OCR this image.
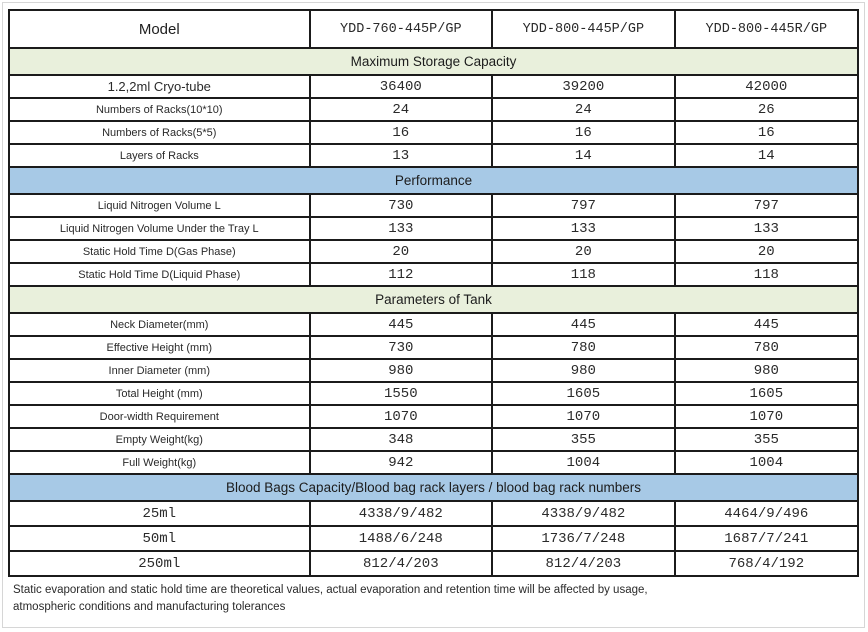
Model	YDD-760-445P/GP	YDD-800-445P/GP	YDD-800-445R/GP
Maximum Storage Capacity			
1.2,2ml Cryo-tube	36400	39200	42000
Numbers of Racks(10*10)	24	24	26
Numbers of Racks(5*5)	16	16	16
Layers of Racks	13	14	14
Performance			
Liquid Nitrogen Volume L	730	797	797
Liquid Nitrogen Volume Under the Tray L	133	133	133
Static Hold Time D(Gas Phase)	20	20	20
Static Hold Time D(Liquid Phase)	112	118	118
Parameters of Tank			
Neck Diameter(mm)	445	445	445
Effective Height (mm)	730	780	780
Inner Diameter (mm)	980	980	980
Total Height (mm)	1550	1605	1605
Door-width Requirement	1070	1070	1070
Empty Weight(kg)	348	355	355
Full Weight(kg)	942	1004	1004
Blood Bags Capacity/Blood bag rack layers / blood bag rack numbers			
25ml	4338/9/482	4338/9/482	4464/9/496
50ml	1488/6/248	1736/7/248	1687/7/241
250ml	812/4/203	812/4/203	768/4/192
Static evaporation and static hold time are theoretical values, actual evaporation and retention time will be affected by usage,
atmospheric conditions and manufacturing tolerances
